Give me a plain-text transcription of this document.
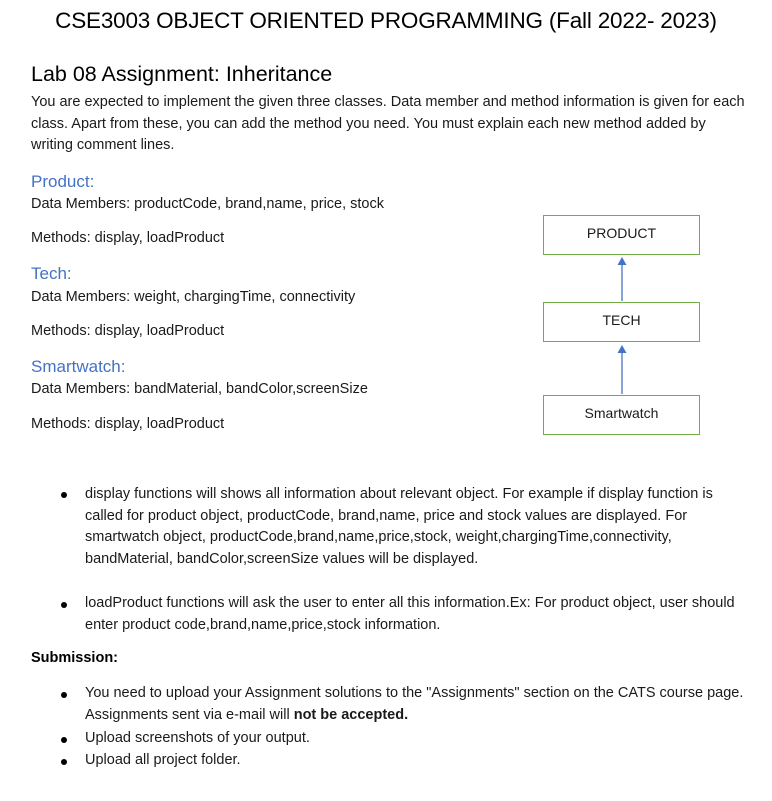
CSE3003 OBJECT ORIENTED PROGRAMMING (Fall 2022- 2023)
Lab 08 Assignment: Inheritance
You are expected to implement the given three classes. Data member and method information is given for each class. Apart from these, you can add the method you need. You must explain each new method added by writing comment lines.
Product:
Data Members: productCode, brand,name, price, stock
Methods: display, loadProduct
Tech:
Data Members: weight, chargingTime, connectivity
Methods: display, loadProduct
Smartwatch:
Data Members: bandMaterial, bandColor,screenSize
Methods: display, loadProduct
PRODUCT
TECH
Smartwatch
display functions will shows all information about relevant object. For example if display function is called for product object, productCode, brand,name, price and stock values are displayed. For smartwatch object, productCode,brand,name,price,stock, weight,chargingTime,connectivity, bandMaterial, bandColor,screenSize values will be displayed.
loadProduct functions will ask the user to enter all this information.Ex: For product object, user should enter product code,brand,name,price,stock information.
Submission:
You need to upload your Assignment solutions to the "Assignments" section on the CATS course page. Assignments sent via e-mail will not be accepted.
Upload screenshots of your output.
Upload all project folder.
